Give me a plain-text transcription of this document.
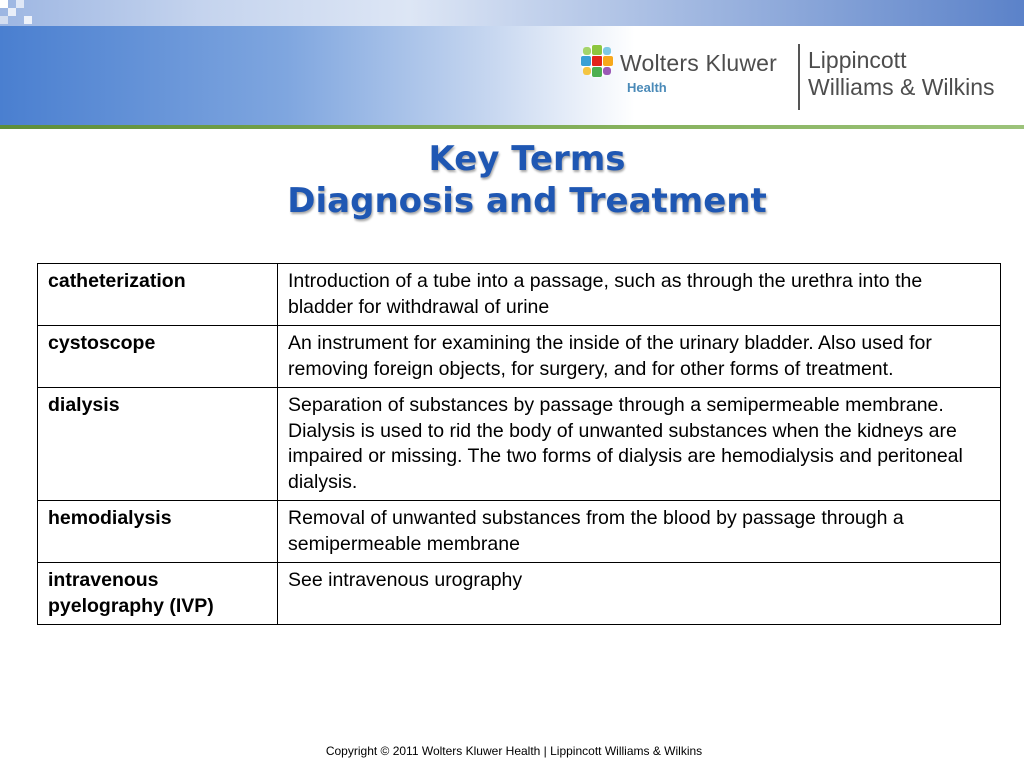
Wolters Kluwer
Health
Lippincott
Williams & Wilkins
Key Terms
Diagnosis and Treatment
catheterization	Introduction of a tube into a passage, such as through the urethra into the bladder for withdrawal of urine
cystoscope	An instrument for examining the inside of the urinary bladder. Also used for removing foreign objects, for surgery, and for other forms of treatment.
dialysis	Separation of substances by passage through a semipermeable membrane. Dialysis is used to rid the body of unwanted substances when the kidneys are impaired or missing. The two forms of dialysis are hemodialysis and peritoneal dialysis.
hemodialysis	Removal of unwanted substances from the blood by passage through a semipermeable membrane
intravenous pyelography (IVP)	See intravenous urography
Copyright © 2011 Wolters Kluwer Health | Lippincott Williams & Wilkins
